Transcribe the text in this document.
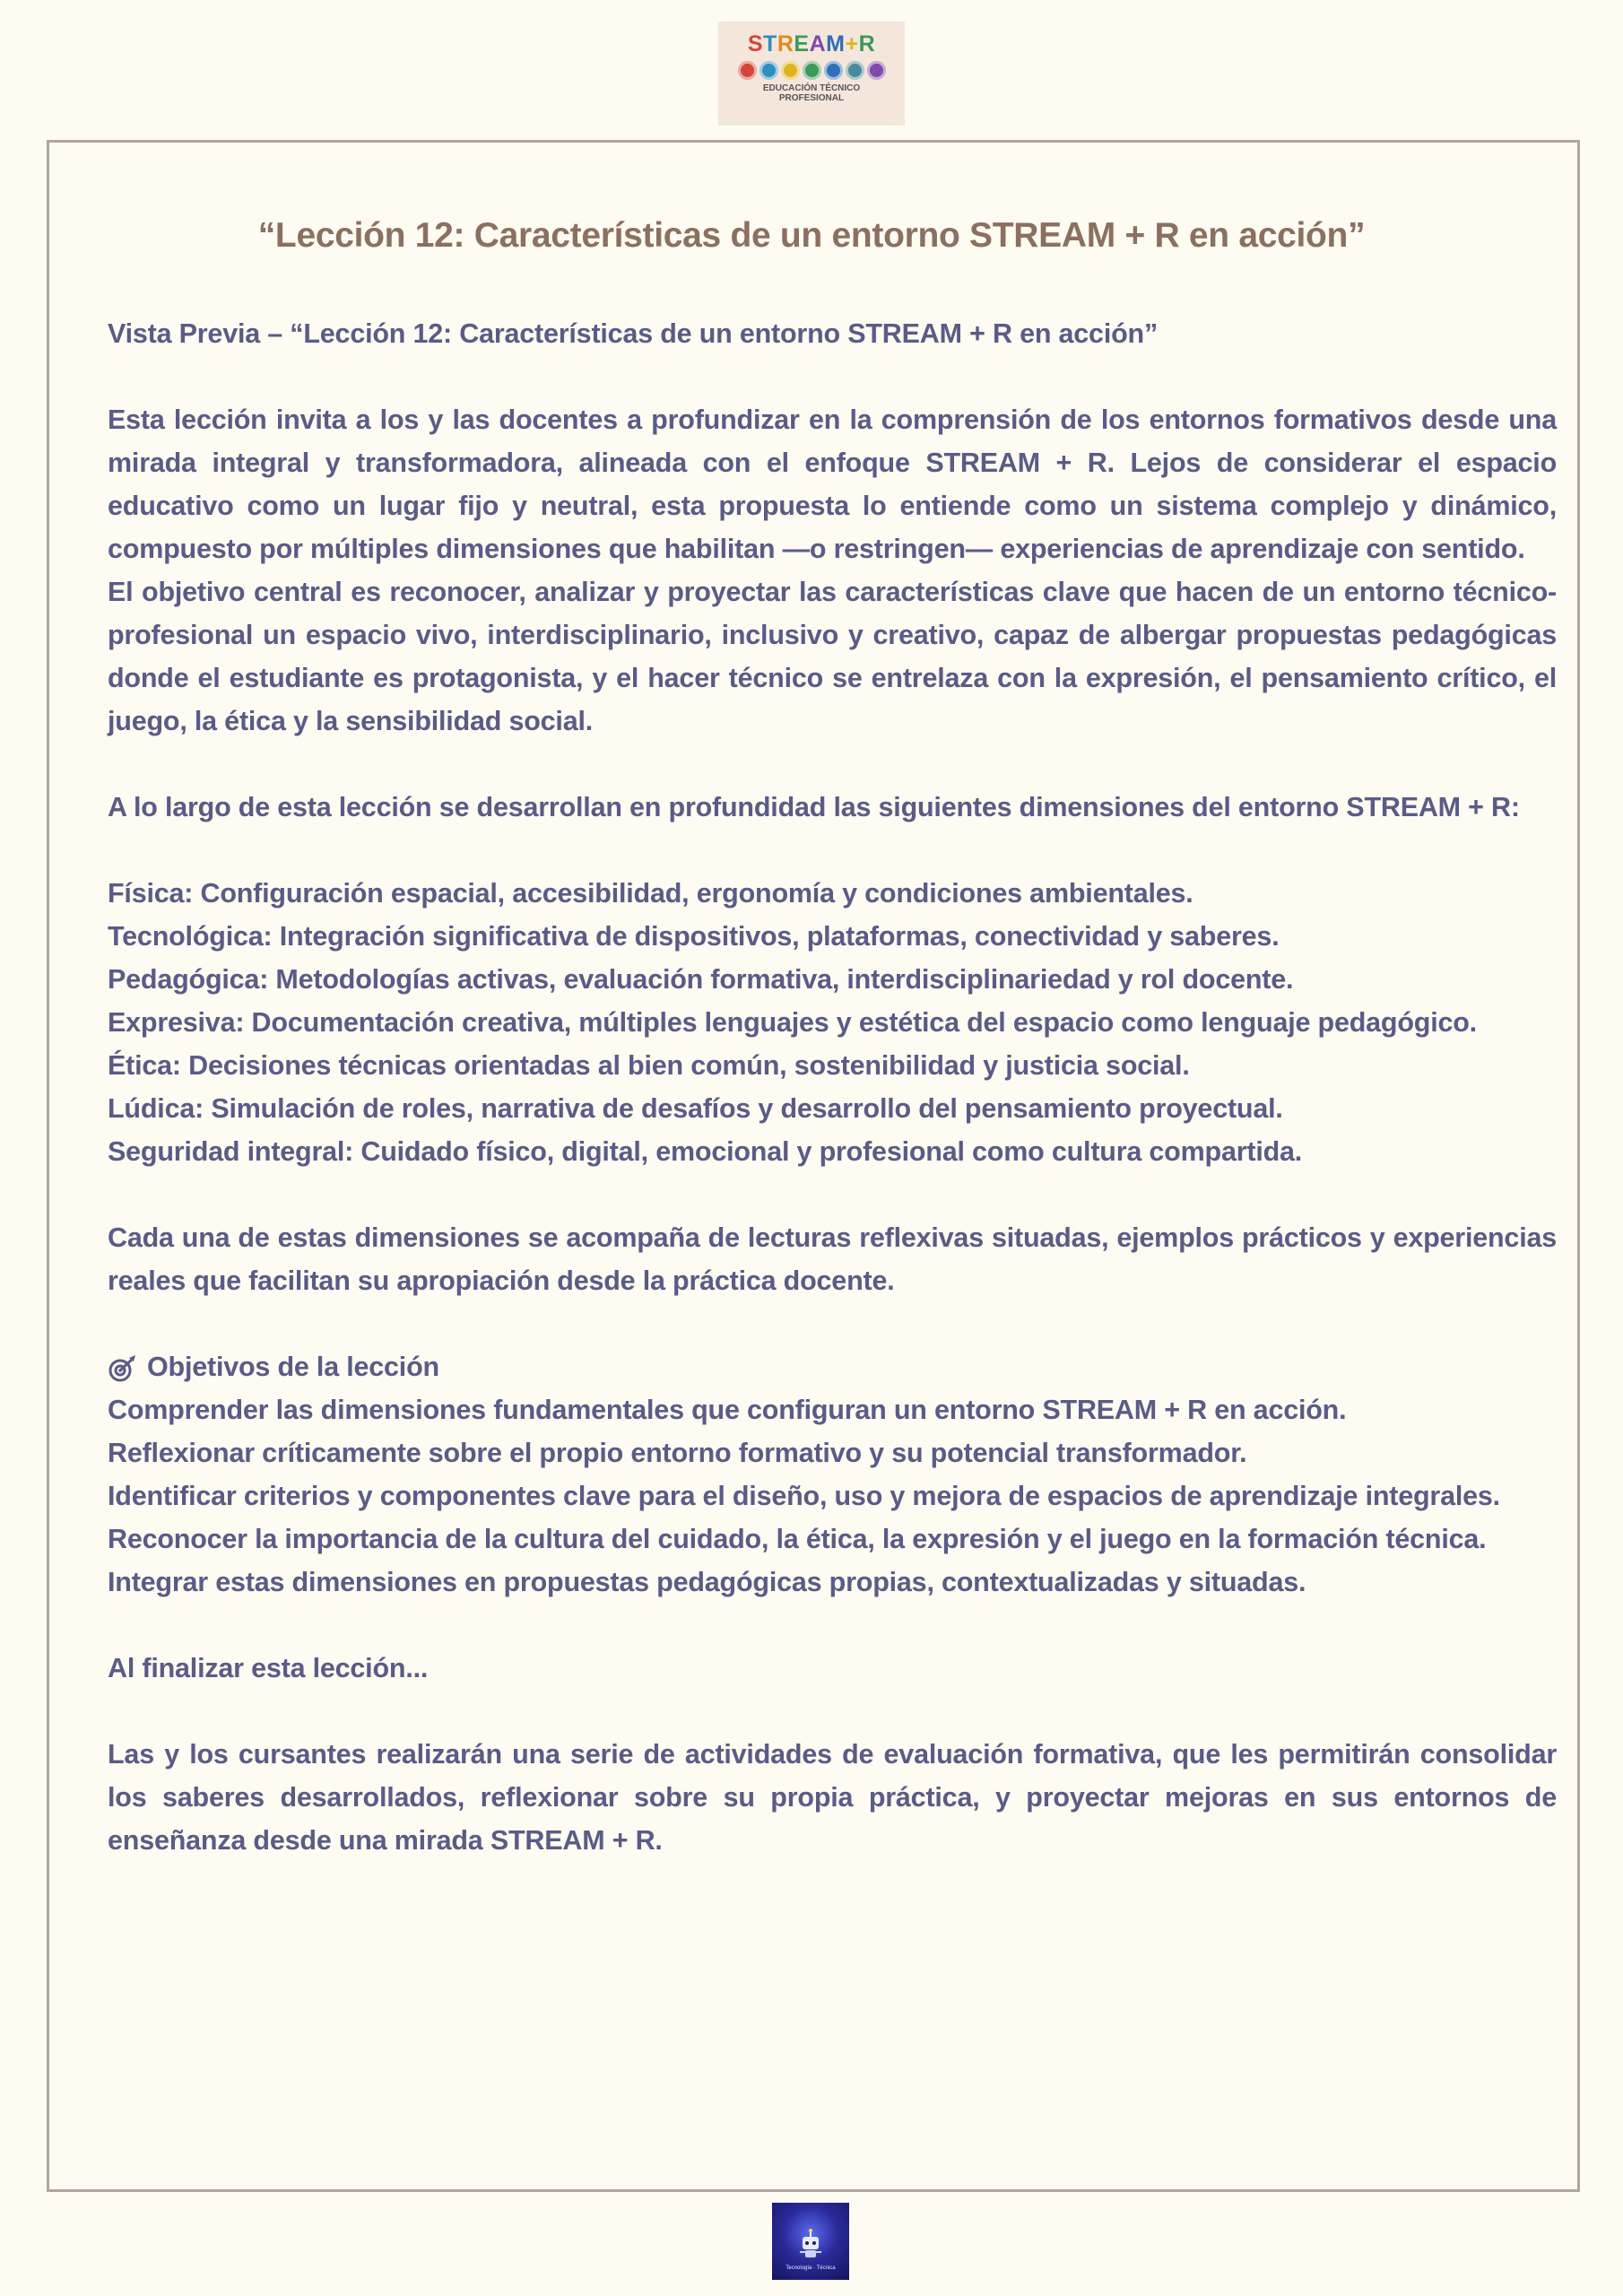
STREAM+R
EDUCACIÓN TÉCNICO
PROFESIONAL
“Lección 12: Características de un entorno STREAM + R en acción”

Vista Previa – “Lección 12: Características de un entorno STREAM + R en acción”

Esta lección invita a los y las docentes a profundizar en la comprensión de los entornos formativos desde una mirada integral y transformadora, alineada con el enfoque STREAM + R. Lejos de considerar el espacio educativo como un lugar fijo y neutral, esta propuesta lo entiende como un sistema complejo y dinámico, compuesto por múltiples dimensiones que habilitan —o restringen— experiencias de aprendizaje con sentido.

El objetivo central es reconocer, analizar y proyectar las características clave que hacen de un entorno técnico-profesional un espacio vivo, interdisciplinario, inclusivo y creativo, capaz de albergar propuestas pedagógicas donde el estudiante es protagonista, y el hacer técnico se entrelaza con la expresión, el pensamiento crítico, el juego, la ética y la sensibilidad social.

A lo largo de esta lección se desarrollan en profundidad las siguientes dimensiones del entorno STREAM + R:

Física: Configuración espacial, accesibilidad, ergonomía y condiciones ambientales.

Tecnológica: Integración significativa de dispositivos, plataformas, conectividad y saberes.

Pedagógica: Metodologías activas, evaluación formativa, interdisciplinariedad y rol docente.

Expresiva: Documentación creativa, múltiples lenguajes y estética del espacio como lenguaje pedagógico.

Ética: Decisiones técnicas orientadas al bien común, sostenibilidad y justicia social.

Lúdica: Simulación de roles, narrativa de desafíos y desarrollo del pensamiento proyectual.

Seguridad integral: Cuidado físico, digital, emocional y profesional como cultura compartida.

Cada una de estas dimensiones se acompaña de lecturas reflexivas situadas, ejemplos prácticos y experiencias reales que facilitan su apropiación desde la práctica docente.

Objetivos de la lección

Comprender las dimensiones fundamentales que configuran un entorno STREAM + R en acción.

Reflexionar críticamente sobre el propio entorno formativo y su potencial transformador.

Identificar criterios y componentes clave para el diseño, uso y mejora de espacios de aprendizaje integrales.

Reconocer la importancia de la cultura del cuidado, la ética, la expresión y el juego en la formación técnica.

Integrar estas dimensiones en propuestas pedagógicas propias, contextualizadas y situadas.

Al finalizar esta lección...

Las y los cursantes realizarán una serie de actividades de evaluación formativa, que les permitirán consolidar los saberes desarrollados, reflexionar sobre su propia práctica, y proyectar mejoras en sus entornos de enseñanza desde una mirada STREAM + R.

Tecnología · Técnica
